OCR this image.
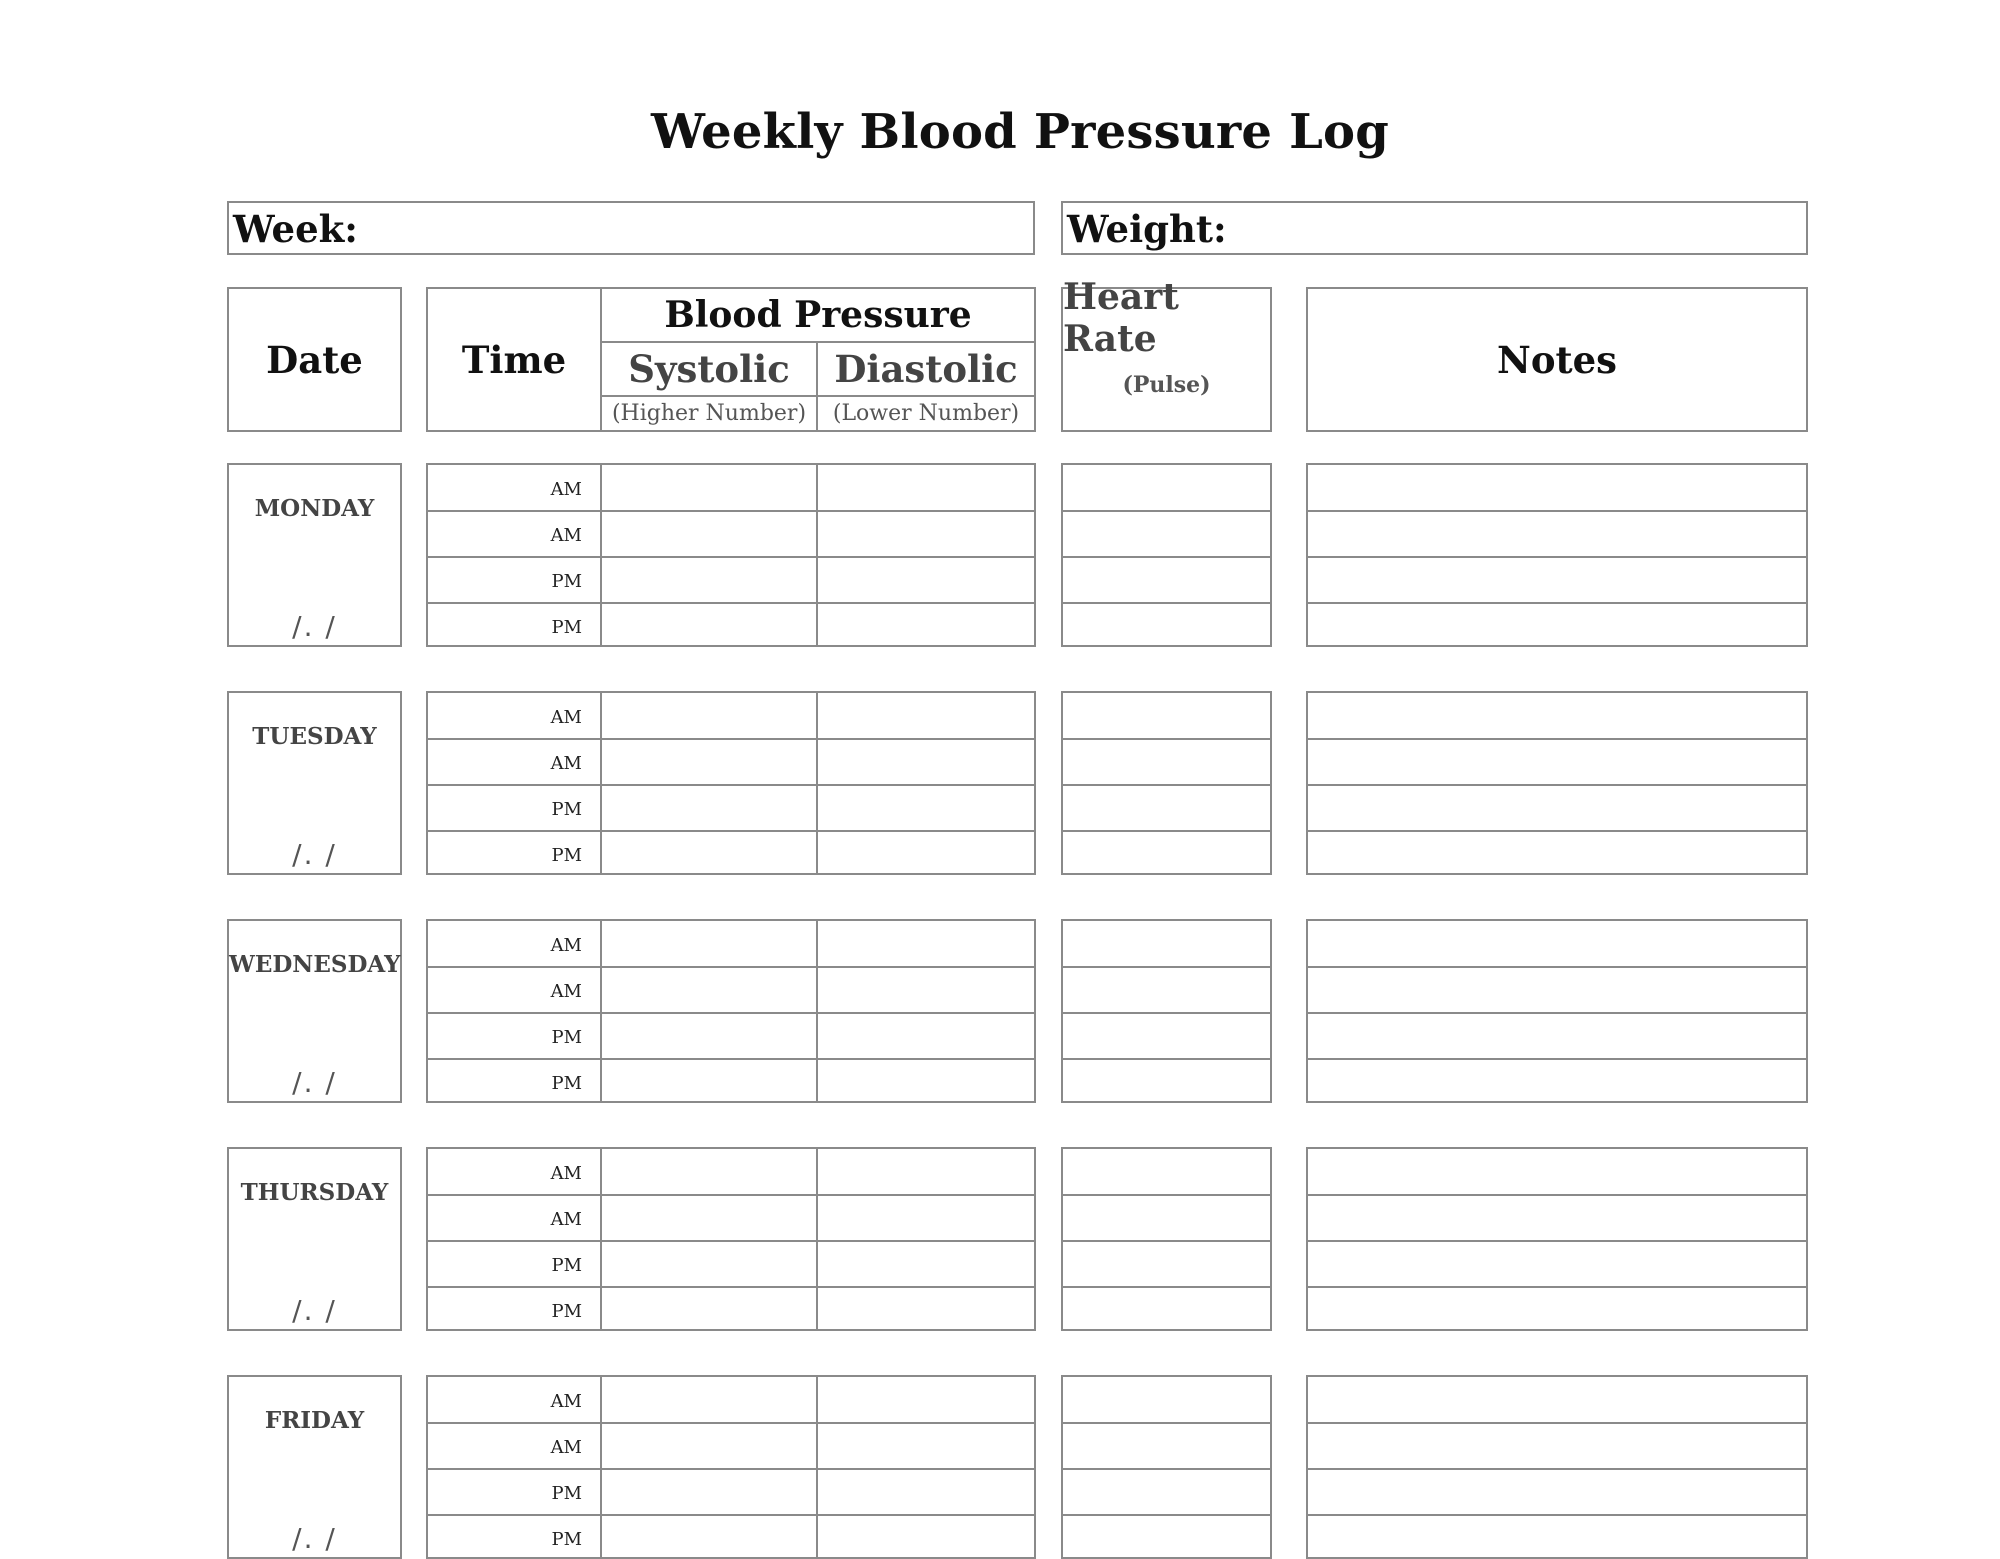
Weekly Blood Pressure Log
Week:	Weight:
Date	Time
Blood Pressure
Systolic Diastolic
(Higher Number) (Lower Number)
Heart Rate
(Pulse)
Notes
MONDAY
/. /
AM
AM
PM
PM
TUESDAY
/. /
AM
AM
PM
PM
WEDNESDAY
/. /
AM
AM
PM
PM
THURSDAY
/. /
AM
AM
PM
PM
FRIDAY
/. /
AM
AM
PM
PM
